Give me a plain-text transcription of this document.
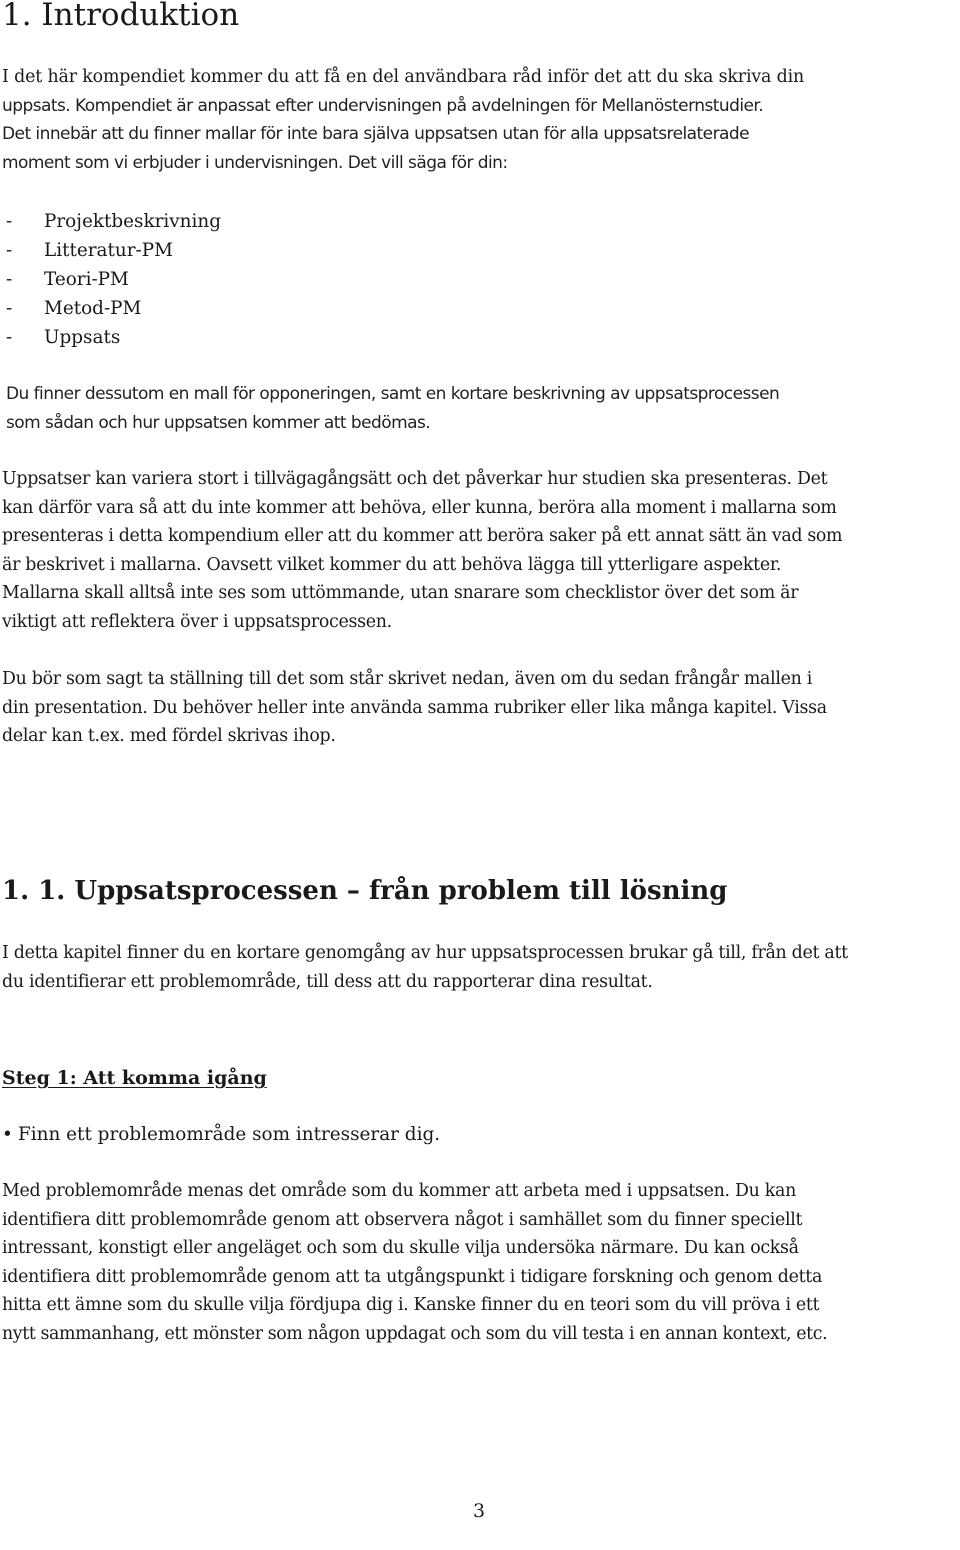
1. Introduktion
I det här kompendiet kommer du att få en del användbara råd inför det att du ska skriva din
uppsats. Kompendiet är anpassat efter undervisningen på avdelningen för Mellanösternstudier.
Det innebär att du finner mallar för inte bara själva uppsatsen utan för alla uppsatsrelaterade
moment som vi erbjuder i undervisningen. Det vill säga för din:
- Projektbeskrivning
- Litteratur-PM
- Teori-PM
- Metod-PM
- Uppsats
Du finner dessutom en mall för opponeringen, samt en kortare beskrivning av uppsatsprocessen
som sådan och hur uppsatsen kommer att bedömas.
Uppsatser kan variera stort i tillvägagångsätt och det påverkar hur studien ska presenteras. Det
kan därför vara så att du inte kommer att behöva, eller kunna, beröra alla moment i mallarna som
presenteras i detta kompendium eller att du kommer att beröra saker på ett annat sätt än vad som
är beskrivet i mallarna. Oavsett vilket kommer du att behöva lägga till ytterligare aspekter.
Mallarna skall alltså inte ses som uttömmande, utan snarare som checklistor över det som är
viktigt att reflektera över i uppsatsprocessen.
Du bör som sagt ta ställning till det som står skrivet nedan, även om du sedan frångår mallen i
din presentation. Du behöver heller inte använda samma rubriker eller lika många kapitel. Vissa
delar kan t.ex. med fördel skrivas ihop.
1. 1. Uppsatsprocessen – från problem till lösning
I detta kapitel finner du en kortare genomgång av hur uppsatsprocessen brukar gå till, från det att
du identifierar ett problemområde, till dess att du rapporterar dina resultat.
Steg 1: Att komma igång

• Finn ett problemområde som intresserar dig.

Med problemområde menas det område som du kommer att arbeta med i uppsatsen. Du kan
identifiera ditt problemområde genom att observera något i samhället som du finner speciellt
intressant, konstigt eller angeläget och som du skulle vilja undersöka närmare. Du kan också
identifiera ditt problemområde genom att ta utgångspunkt i tidigare forskning och genom detta
hitta ett ämne som du skulle vilja fördjupa dig i. Kanske finner du en teori som du vill pröva i ett
nytt sammanhang, ett mönster som någon uppdagat och som du vill testa i en annan kontext, etc.
3
